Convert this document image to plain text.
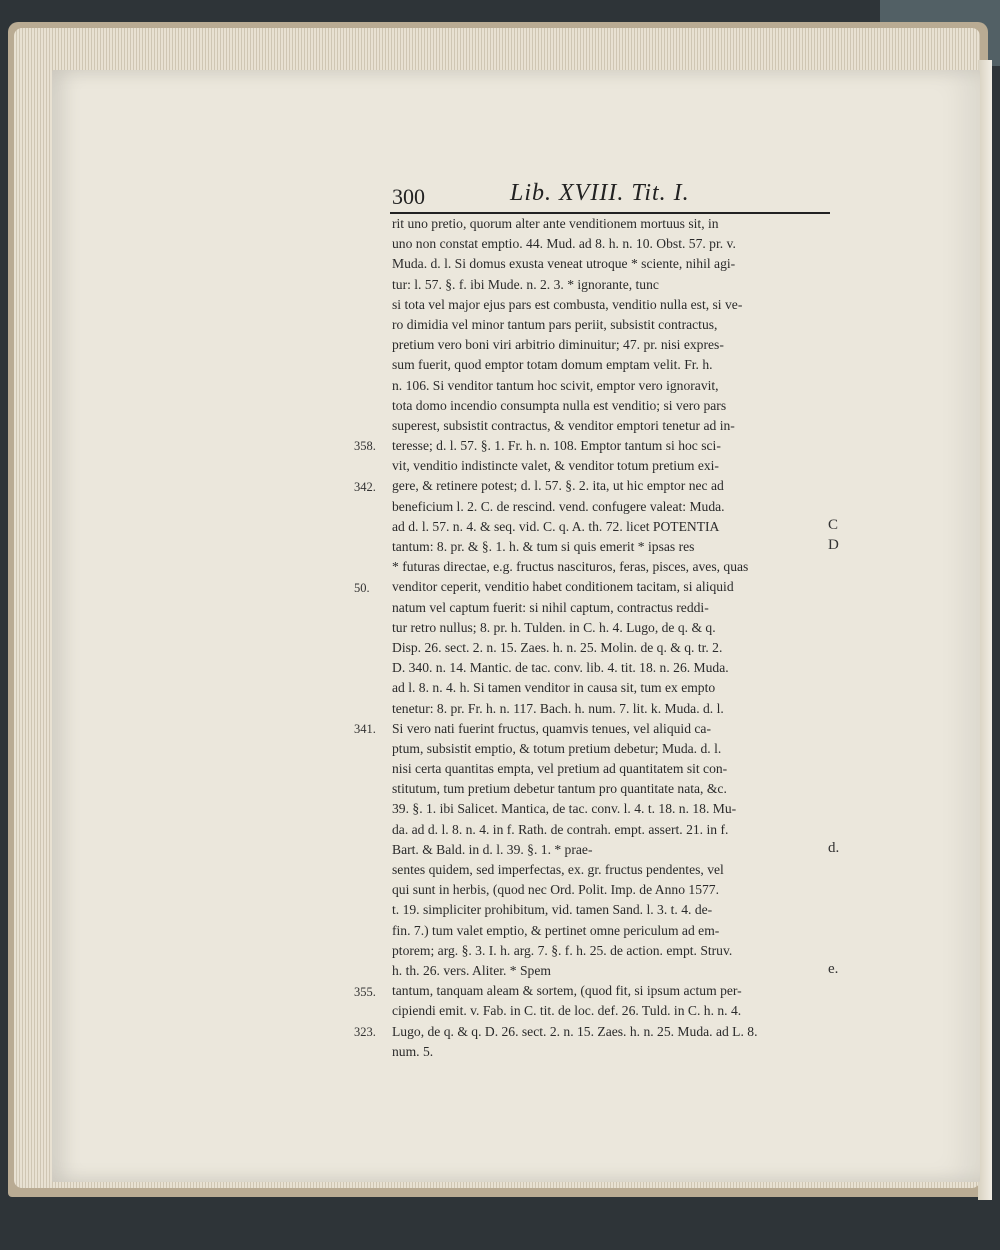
300	Lib. XVIII. Tit. I.
rit uno pretio, quorum alter ante venditionem mortuus sit, in
uno non constat emptio. 44. Mud. ad 8. h. n. 10. Obst. 57. pr. v.
Muda. d. l. Si domus exusta veneat utroque * sciente, nihil agi-
tur: l. 57. §. f. ibi Mude. n. 2. 3. * ignorante, tunc
si tota vel major ejus pars est combusta, venditio nulla est, si ve-
ro dimidia vel minor tantum pars periit, subsistit contractus,
pretium vero boni viri arbitrio diminuitur; 47. pr. nisi expres-
sum fuerit, quod emptor totam domum emptam velit. Fr. h.
n. 106. Si venditor tantum hoc scivit, emptor vero ignoravit,
tota domo incendio consumpta nulla est venditio; si vero pars
superest, subsistit contractus, & venditor emptori tenetur ad in-
teresse; d. l. 57. §. 1. Fr. h. n. 108. Emptor tantum si hoc sci-
vit, venditio indistincte valet, & venditor totum pretium exi-
gere, & retinere potest; d. l. 57. §. 2. ita, ut hic emptor nec ad
beneficium l. 2. C. de rescind. vend. confugere valeat: Muda.
ad d. l. 57. n. 4. & seq. vid. C. q. A. th. 72. licet POTENTIA
tantum: 8. pr. & §. 1. h. & tum si quis emerit * ipsas res
* futuras directae, e.g. fructus nascituros, feras, pisces, aves, quas
venditor ceperit, venditio habet conditionem tacitam, si aliquid
natum vel captum fuerit: si nihil captum, contractus reddi-
tur retro nullus; 8. pr. h. Tulden. in C. h. 4. Lugo, de q. & q.
Disp. 26. sect. 2. n. 15. Zaes. h. n. 25. Molin. de q. & q. tr. 2.
D. 340. n. 14. Mantic. de tac. conv. lib. 4. tit. 18. n. 26. Muda.
ad l. 8. n. 4. h. Si tamen venditor in causa sit, tum ex empto
tenetur: 8. pr. Fr. h. n. 117. Bach. h. num. 7. lit. k. Muda. d. l.
Si vero nati fuerint fructus, quamvis tenues, vel aliquid ca-
ptum, subsistit emptio, & totum pretium debetur; Muda. d. l.
nisi certa quantitas empta, vel pretium ad quantitatem sit con-
stitutum, tum pretium debetur tantum pro quantitate nata, &c.
39. §. 1. ibi Salicet. Mantica, de tac. conv. l. 4. t. 18. n. 18. Mu-
da. ad d. l. 8. n. 4. in f. Rath. de contrah. empt. assert. 21. in f.
Bart. & Bald. in d. l. 39. §. 1. * prae-
sentes quidem, sed imperfectas, ex. gr. fructus pendentes, vel
qui sunt in herbis, (quod nec Ord. Polit. Imp. de Anno 1577.
t. 19. simpliciter prohibitum, vid. tamen Sand. l. 3. t. 4. de-
fin. 7.) tum valet emptio, & pertinet omne periculum ad em-
ptorem; arg. §. 3. I. h. arg. 7. §. f. h. 25. de action. empt. Struv.
h. th. 26. vers. Aliter. * Spem
tantum, tanquam aleam & sortem, (quod fit, si ipsum actum per-
cipiendi emit. v. Fab. in C. tit. de loc. def. 26. Tuld. in C. h. n. 4.
Lugo, de q. & q. D. 26. sect. 2. n. 15. Zaes. h. n. 25. Muda. ad L. 8.
num. 5.
358.
342.
50.
341.
355.
323.
C
D
d.
e.
